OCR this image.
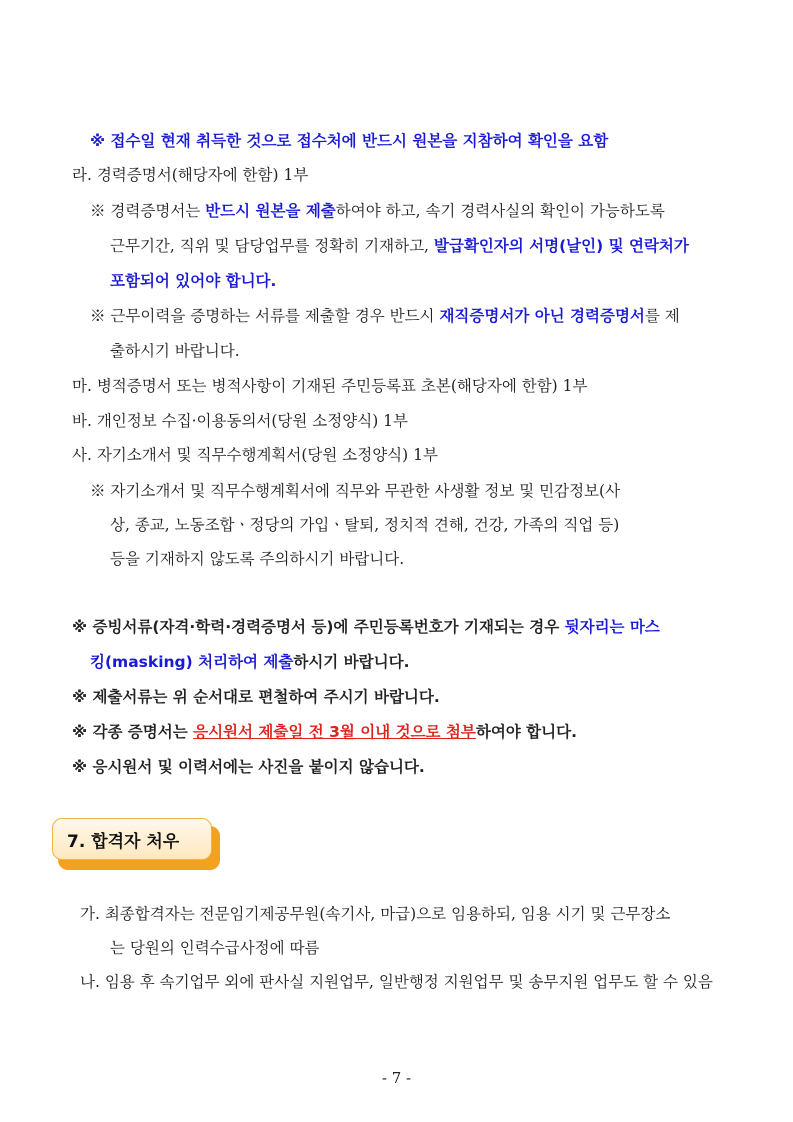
※ 접수일 현재 취득한 것으로 접수처에 반드시 원본을 지참하여 확인을 요함
라. 경력증명서(해당자에 한함) 1부
※ 경력증명서는 반드시 원본을 제출하여야 하고, 속기 경력사실의 확인이 가능하도록
근무기간, 직위 및 담당업무를 정확히 기재하고, 발급확인자의 서명(날인) 및 연락처가
포함되어 있어야 합니다.
※ 근무이력을 증명하는 서류를 제출할 경우 반드시 재직증명서가 아닌 경력증명서를 제
출하시기 바랍니다.
마. 병적증명서 또는 병적사항이 기재된 주민등록표 초본(해당자에 한함) 1부
바. 개인정보 수집·이용동의서(당원 소정양식) 1부
사. 자기소개서 및 직무수행계획서(당원 소정양식) 1부
※ 자기소개서 및 직무수행계획서에 직무와 무관한 사생활 정보 및 민감정보(사
상, 종교, 노동조합ㆍ정당의 가입ㆍ탈퇴, 정치적 견해, 건강, 가족의 직업 등)
등을 기재하지 않도록 주의하시기 바랍니다.
※ 증빙서류(자격·학력·경력증명서 등)에 주민등록번호가 기재되는 경우 뒷자리는 마스
킹(masking) 처리하여 제출하시기 바랍니다.
※ 제출서류는 위 순서대로 편철하여 주시기 바랍니다.
※ 각종 증명서는 응시원서 제출일 전 3월 이내 것으로 첨부하여야 합니다.
※ 응시원서 및 이력서에는 사진을 붙이지 않습니다.
7. 합격자 처우
가. 최종합격자는 전문임기제공무원(속기사, 마급)으로 임용하되, 임용 시기 및 근무장소
는 당원의 인력수급사정에 따름
나. 임용 후 속기업무 외에 판사실 지원업무, 일반행정 지원업무 및 송무지원 업무도 할 수 있음
- 7 -
